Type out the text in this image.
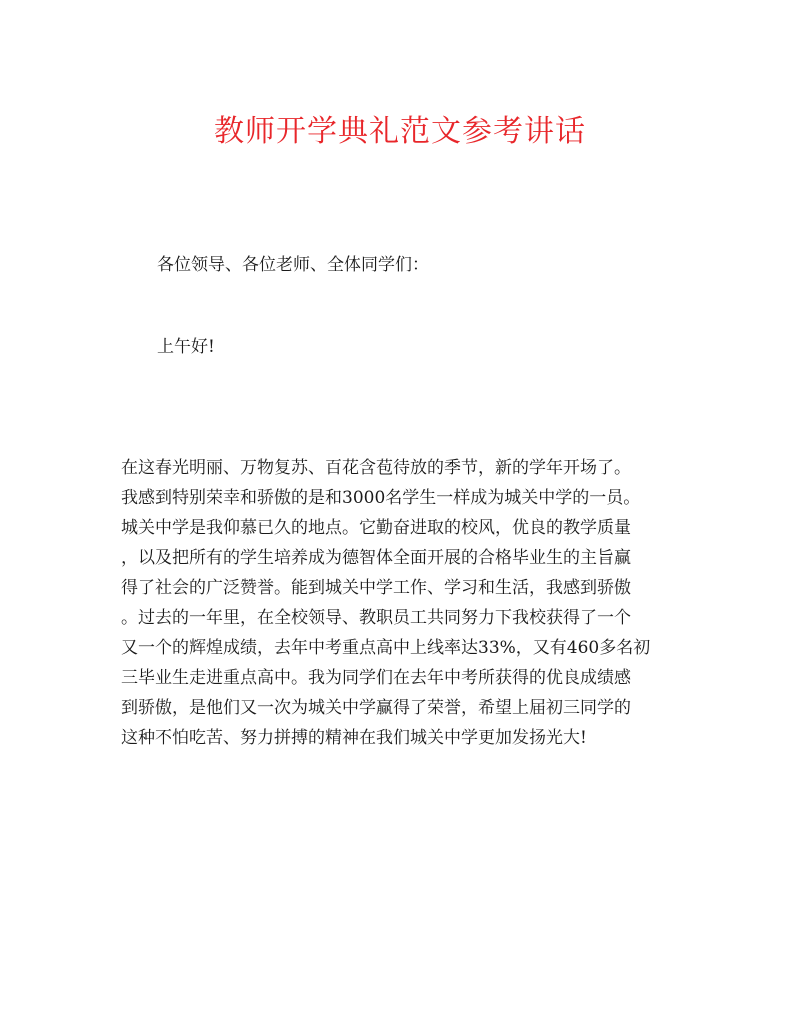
教师开学典礼范文参考讲话
各位领导、各位老师、全体同学们：
上午好!
在这春光明丽、万物复苏、百花含苞待放的季节，新的学年开场了。
我感到特别荣幸和骄傲的是和3000名学生一样成为城关中学的一员。
城关中学是我仰慕已久的地点。它勤奋进取的校风，优良的教学质量
，以及把所有的学生培养成为德智体全面开展的合格毕业生的主旨赢
得了社会的广泛赞誉。能到城关中学工作、学习和生活，我感到骄傲
。过去的一年里，在全校领导、教职员工共同努力下我校获得了一个
又一个的辉煌成绩，去年中考重点高中上线率达33%，又有460多名初
三毕业生走进重点高中。我为同学们在去年中考所获得的优良成绩感
到骄傲，是他们又一次为城关中学赢得了荣誉，希望上届初三同学的
这种不怕吃苦、努力拼搏的精神在我们城关中学更加发扬光大!
